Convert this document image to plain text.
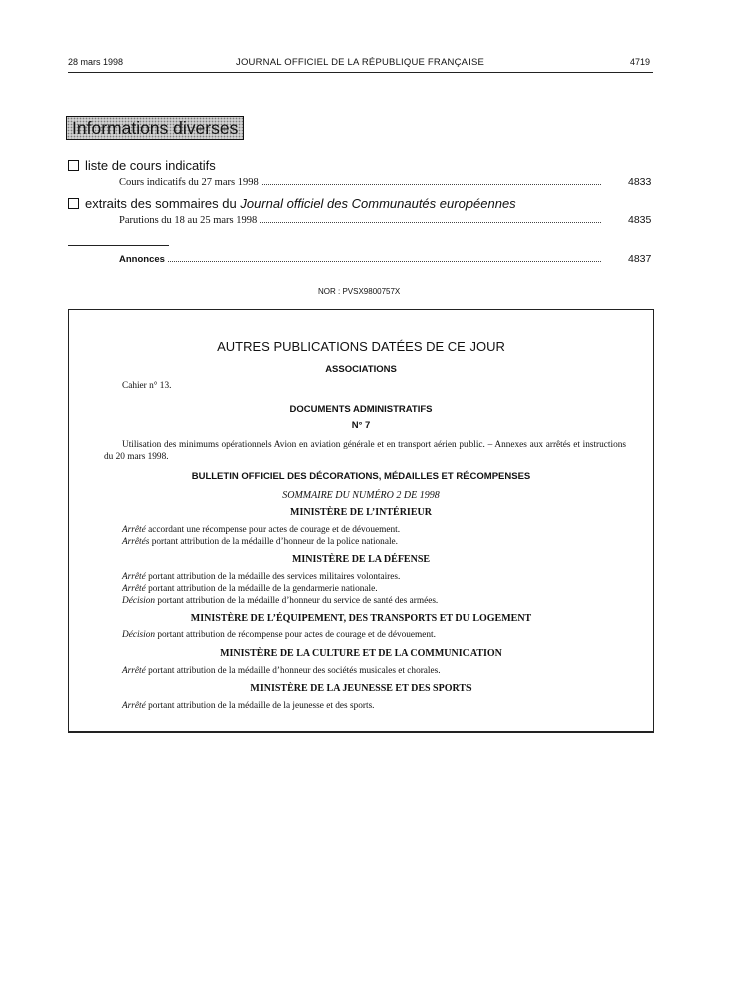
28 mars 1998	JOURNAL OFFICIEL DE LA RÉPUBLIQUE FRANÇAISE	4719
Informations diverses
liste de cours indicatifs
Cours indicatifs du 27 mars 1998	4833
extraits des sommaires du Journal officiel des Communautés européennes
Parutions du 18 au 25 mars 1998	4835
Annonces	4837
NOR : PVSX9800757X
AUTRES PUBLICATIONS DATÉES DE CE JOUR
ASSOCIATIONS
Cahier n° 13.
DOCUMENTS ADMINISTRATIFS
N° 7
Utilisation des minimums opérationnels Avion en aviation générale et en transport aérien public. – Annexes aux arrêtés et instructions du 20 mars 1998.
BULLETIN OFFICIEL DES DÉCORATIONS, MÉDAILLES ET RÉCOMPENSES
SOMMAIRE DU NUMÉRO 2 DE 1998
MINISTÈRE DE L’INTÉRIEUR
Arrêté accordant une récompense pour actes de courage et de dévouement.
Arrêtés portant attribution de la médaille d’honneur de la police nationale.
MINISTÈRE DE LA DÉFENSE
Arrêté portant attribution de la médaille des services militaires volontaires.
Arrêté portant attribution de la médaille de la gendarmerie nationale.
Décision portant attribution de la médaille d’honneur du service de santé des armées.
MINISTÈRE DE L’ÉQUIPEMENT, DES TRANSPORTS ET DU LOGEMENT
Décision portant attribution de récompense pour actes de courage et de dévouement.
MINISTÈRE DE LA CULTURE ET DE LA COMMUNICATION
Arrêté portant attribution de la médaille d’honneur des sociétés musicales et chorales.
MINISTÈRE DE LA JEUNESSE ET DES SPORTS
Arrêté portant attribution de la médaille de la jeunesse et des sports.
